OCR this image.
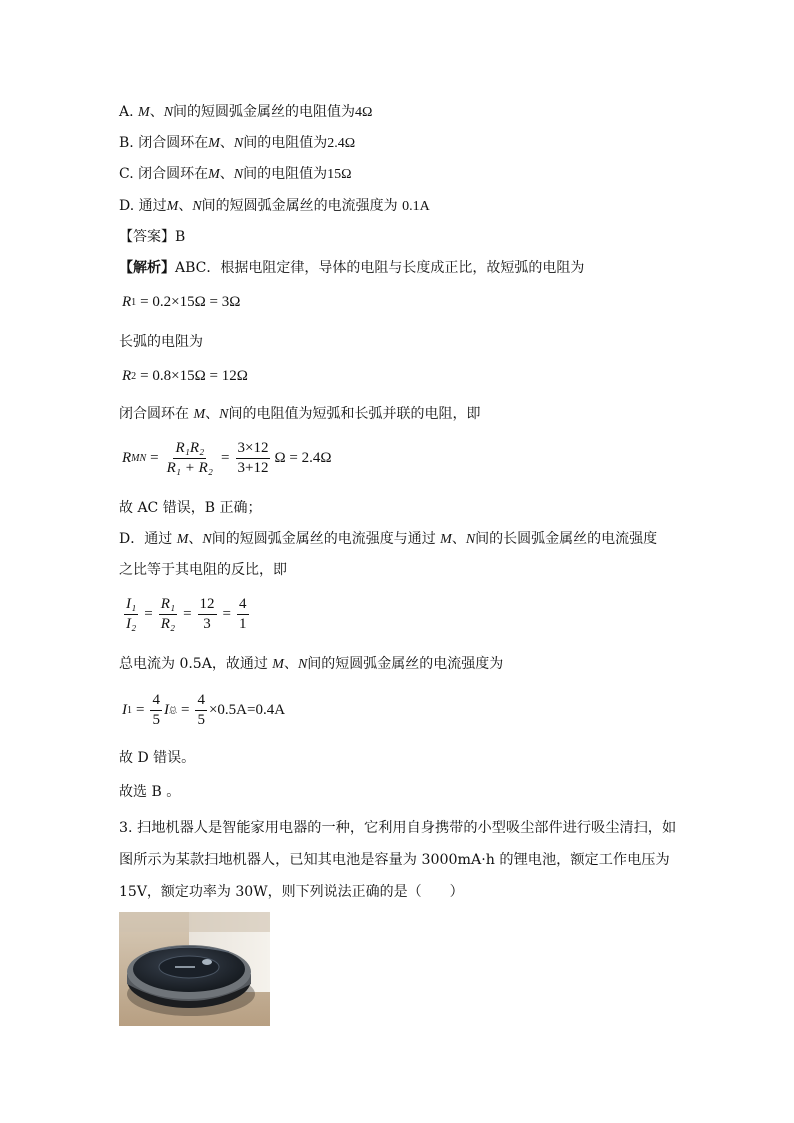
A. M、N间的短圆弧金属丝的电阻值为4Ω
B. 闭合圆环在M、N间的电阻值为2.4Ω
C. 闭合圆环在M、N间的电阻值为15Ω
D. 通过M、N间的短圆弧金属丝的电流强度为 0.1A
【答案】B
【解析】ABC．根据电阻定律，导体的电阻与长度成正比，故短弧的电阻为
R 1 = 0.2×15Ω = 3Ω
长弧的电阻为
R 2 = 0.8×15Ω = 12Ω
闭合圆环在 M、N间的电阻值为短弧和长弧并联的电阻，即
R MN = $\frac{\text{R₁R₂}}{\text{R₁ + R₂}} = \frac{3\times 12}{3+12}$ Ω = 2.4Ω
故 AC 错误，B 正确；
D．通过 M、N间的短圆弧金属丝的电流强度与通过 M、N间的长圆弧金属丝的电流强度
之比等于其电阻的反比，即
$\frac{\text{I₁}}{\text{I₂}} = \frac{\text{R₁}}{\text{R₂}} = \frac{12}{3} = \frac{4}{1}$
总电流为 0.5A，故通过 M、N间的短圆弧金属丝的电流强度为
I $1 = \frac{4}{5}$ I 总 = $\frac{4}{5} \times 0.5A=0.4A$
故 D 错误。
故选 B 。
3. 扫地机器人是智能家用电器的一种，它利用自身携带的小型吸尘部件进行吸尘清扫，如
图所示为某款扫地机器人，已知其电池是容量为 3000mA·h 的锂电池，额定工作电压为
15V，额定功率为 30W，则下列说法正确的是（　　）
